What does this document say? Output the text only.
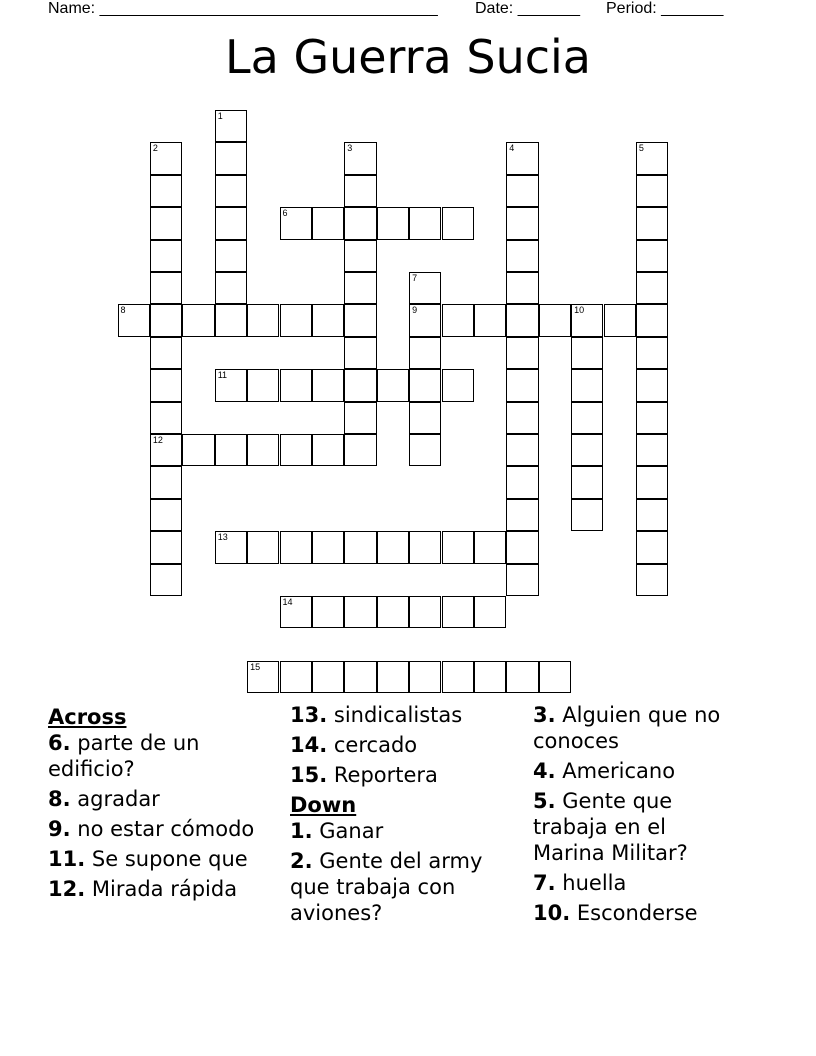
Name: ______________________________________ Date: _______ Period: _______
La Guerra Sucia
1
2
12
3	4	5
6
7
9
8	10
11
13
14
15
Across
6. parte de un edificio?
8. agradar
9. no estar cómodo
11. Se supone que
12. Mirada rápida
13. sindicalistas
14. cercado
15. Reportera
Down
1. Ganar
2. Gente del army que trabaja con aviones?
3. Alguien que no conoces
4. Americano
5. Gente que trabaja en el Marina Militar?
7. huella
10. Esconderse
